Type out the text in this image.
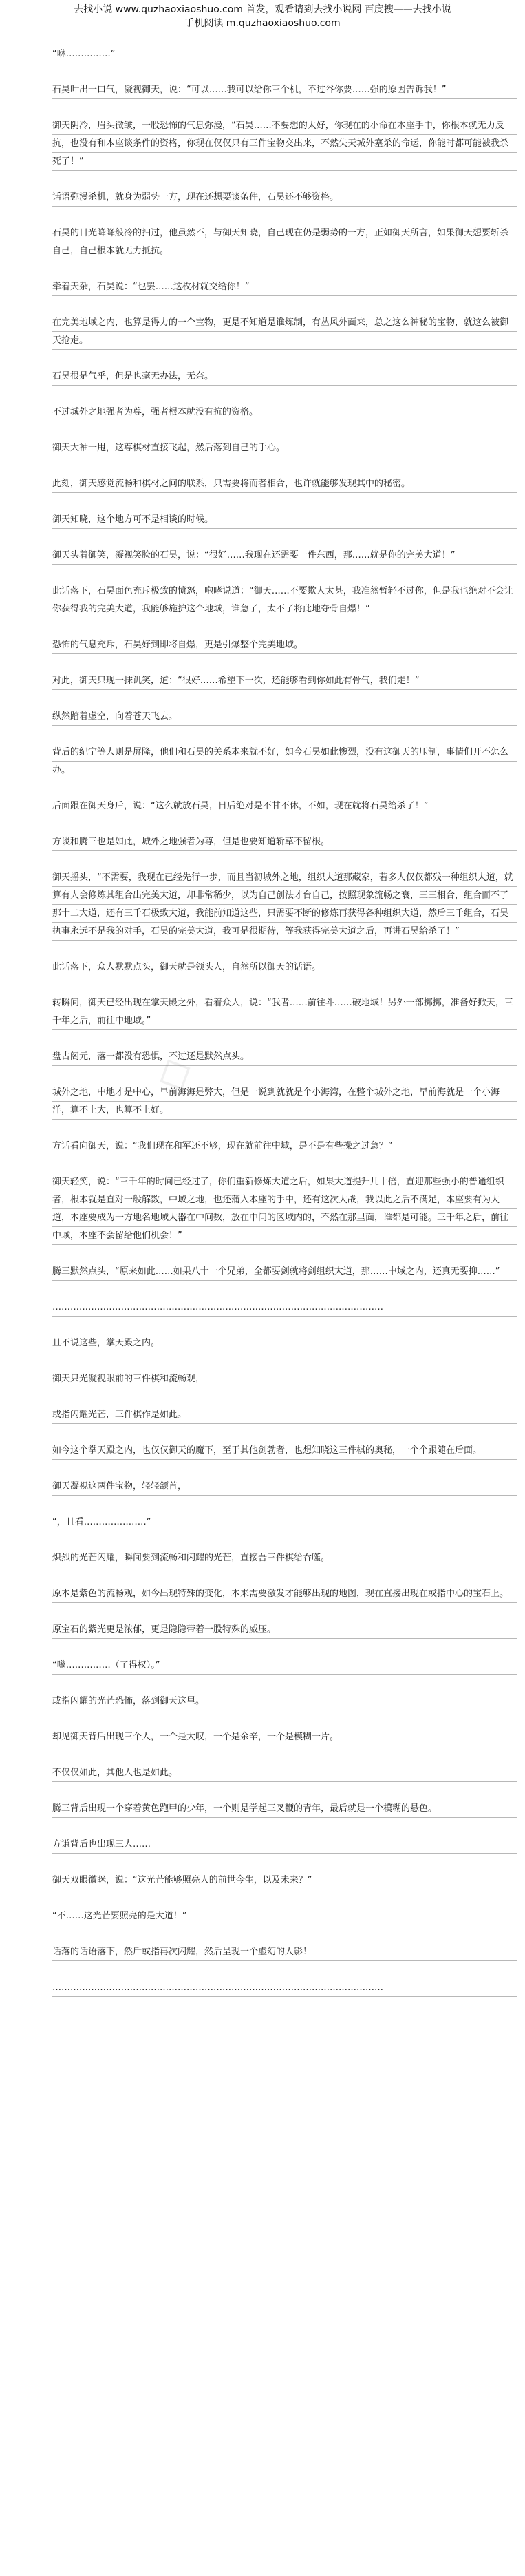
去找小说 www.quzhaoxiaoshuo.com 首发，观看请到去找小说网 百度搜——去找小说
手机阅读 m.quzhaoxiaoshuo.com

“咻……………”

石昊叶出一口气，凝视御天，说：“可以……我可以给你三个机，不过谷你要……强的原因告诉我！”

御天阴冷，眉头微皱，一股恐怖的气息弥漫，“石昊……不要想的太好，你现在的小命在本座手中，你根本就无力反抗，也没有和本座谈条件的资格，你现在仅仅只有三件宝物交出来，不然失天城外塞杀的命运，你能时都可能被我杀死了！”

话语弥漫杀机，就身为弱势一方，现在还想要谈条件，石昊还不够资格。

石昊的目光降降般冷的扫过，他虽然不，与御天知晓，自己现在仍是弱势的一方，正如御天所言，如果御天想要斩杀自己，自己根本就无力抵抗。

牵着天杂，石昊说：“也罢……这枚材就交给你！”

在完美地域之内，也算是得力的一个宝物，更是不知道是谁炼制，有丛风外面来，总之这么神秘的宝物，就这么被御天抢走。

石昊很是气乎，但是也毫无办法，无奈。

不过城外之地强者为尊，强者根本就没有抗的资格。

御天大袖一甩，这尊棋材直接飞起，然后落到自己的手心。

此刻，御天感觉流畅和棋材之间的联系，只需要将而者相合，也许就能够发现其中的秘密。

御天知晓，这个地方可不是相谈的时候。

御天头着御笑，凝视笑脸的石昊，说：“很好……我现在还需要一件东西，那……就是你的完美大道！”

此话落下，石昊面色充斥极致的愤怒，咆哮说道：“御天……不要欺人太甚，我准然暂轻不过你，但是我也绝对不会让你获得我的完美大道，我能够施护这个地域，谁急了，太不了将此地夺骨自爆！”

恐怖的气息充斥，石昊好到即将自爆，更是引爆整个完美地域。

对此，御天只现一抹讥笑，道：“很好……希望下一次，还能够看到你如此有骨气，我们走！”

纵然踏着虚空，向着苍天飞去。

背后的纪宁等人则是屏隆，他们和石昊的关系本来就不好，如今石昊如此惨烈，没有这御天的压制，事情们开不怎么办。

后面跟在御天身后，说：“这么就放石昊，日后绝对是不甘不休，不如，现在就将石昊给杀了！”

方谈和腾三也是如此，城外之地强者为尊，但是也要知道斩草不留根。

御天摇头，“不需要，我现在已经先行一步，而且当初城外之地，组织大道那藏家，若多人仅仅都残一种组织大道，就算有人会修炼其组合出完美大道，却非常稀少，以为自己创法才台自己，按照现象流畅之衰，三三相合，组合而不了那十二大道，还有三千石极致大道，我能前知道这些，只需要不断的修炼再获得各种组织大道，然后三千组合，石昊执事永远不是我的对手，石昊的完美大道，我可是很期待，等我获得完美大道之后，再讲石昊给杀了！”

此话落下，众人默默点头，御天就是领头人，自然所以御天的话语。

转瞬间，御天已经出现在掌天殿之外，看着众人，说：“我者……前往斗……破地域！另外一部掷掷，准备好掀天，三千年之后，前往中地域。”

盘古阁元，落一都没有恐惧，不过还是默然点头。

城外之地，中地才是中心，早前海海是弊大，但是一说到就就是个小海湾，在整个城外之地，早前海就是一个小海洋，算不上大，也算不上好。

方话看向御天，说：“我们现在和军还不够，现在就前往中域，是不是有些操之过急？”

御天轻笑，说：“三千年的时间已经过了，你们重新修炼大道之后，如果大道提升几十倍，直迎那些强小的普通组织者，根本就是直对一般解数，中域之地，也还蒲入本座的手中，还有这次大战，我以此之后不满足，本座要有为大道，本座要成为一方地名地域大器在中间数，放在中间的区域内的，不然在那里面，谁都是可能。三千年之后，前往中域，本座不会留给他们机会！”

腾三默然点头，“原来如此……如果八十一个兄弟，全都要剑就将剑组织大道，那……中域之内，还真无要抑……”

…………………………………………………………………………………………………

且不说这些，掌天殿之内。

御天只光凝视眼前的三件棋和流畅观，

或指闪耀光芒，三件棋作是如此。

如今这个掌天殿之内，也仅仅御天的魔下，至于其他剑勃者，也想知晓这三件棋的奥秘，一个个跟随在后面。

御天凝视这两件宝物，轻轻颔首，

“，且看…………………”

炽烈的光芒闪耀，瞬间要到流畅和闪耀的光芒，直接吾三件棋给吞噬。

原本是紫色的流畅观，如今出现特殊的变化，本来需要激发才能够出现的地图，现在直接出现在或指中心的宝石上。

原宝石的紫光更是浓郁，更是隐隐带着一股特殊的威压。

“嗡……………（了得权）。”

或指闪耀的光芒恐怖，落到御天这里。

却见御天背后出现三个人，一个是大叹，一个是余辛，一个是模糊一片。

不仅仅如此，其他人也是如此。

腾三背后出现一个穿着黄色跑甲的少年，一个则是学起三叉鞭的青年，最后就是一个模糊的悬色。

方谦背后也出现三人……

御天双眼微眯，说：“这光芒能够照亮人的前世今生，以及未来？”

“不……这光芒要照亮的是大道！”

话落的话语落下，然后或指再次闪耀，然后呈现一个虚幻的人影！

…………………………………………………………………………………………………

◇
